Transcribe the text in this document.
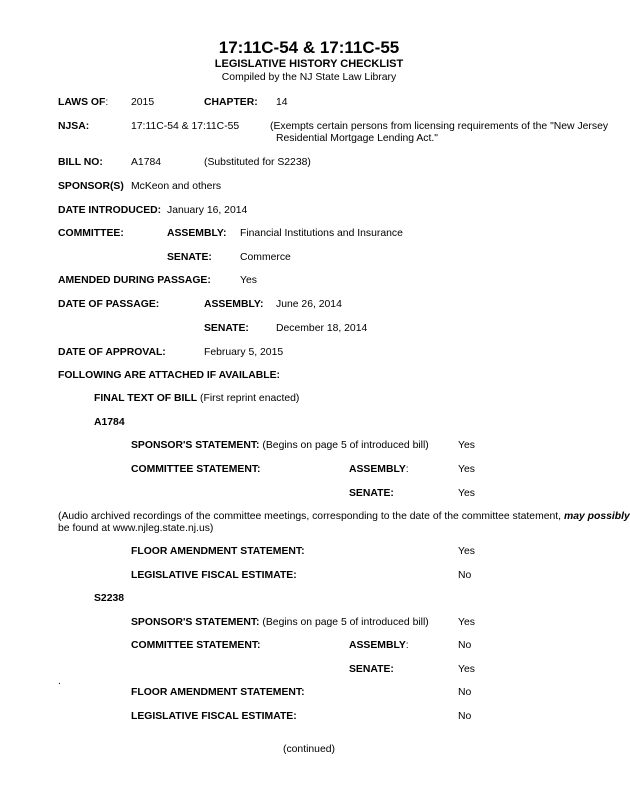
17:11C-54 & 17:11C-55
LEGISLATIVE HISTORY CHECKLIST
Compiled by the NJ State Law Library
LAWS OF: 2015	CHAPTER: 14
NJSA:	17:11C-54 & 17:11C-55	(Exempts certain persons from licensing requirements of the "New Jersey
Residential Mortgage Lending Act."
BILL NO:	A1784	(Substituted for S2238)
SPONSOR(S) McKeon and others
DATE INTRODUCED: January 16, 2014
COMMITTEE:	ASSEMBLY: Financial Institutions and Insurance
SENATE:	Commerce
AMENDED DURING PASSAGE:	Yes
DATE OF PASSAGE:	ASSEMBLY: June 26, 2014
SENATE:	December 18, 2014
DATE OF APPROVAL:	February 5, 2015
FOLLOWING ARE ATTACHED IF AVAILABLE:
FINAL TEXT OF BILL (First reprint enacted)
A1784
SPONSOR'S STATEMENT: (Begins on page 5 of introduced bill)	Yes
COMMITTEE STATEMENT:	ASSEMBLY:	Yes
SENATE:	Yes
(Audio archived recordings of the committee meetings, corresponding to the date of the committee statement, may possibly
be found at www.njleg.state.nj.us)
FLOOR AMENDMENT STATEMENT:	Yes
LEGISLATIVE FISCAL ESTIMATE:	No
S2238
SPONSOR'S STATEMENT: (Begins on page 5 of introduced bill)	Yes
COMMITTEE STATEMENT:	ASSEMBLY:	No
SENATE:	Yes
.
FLOOR AMENDMENT STATEMENT:	No
LEGISLATIVE FISCAL ESTIMATE:	No
(continued)
